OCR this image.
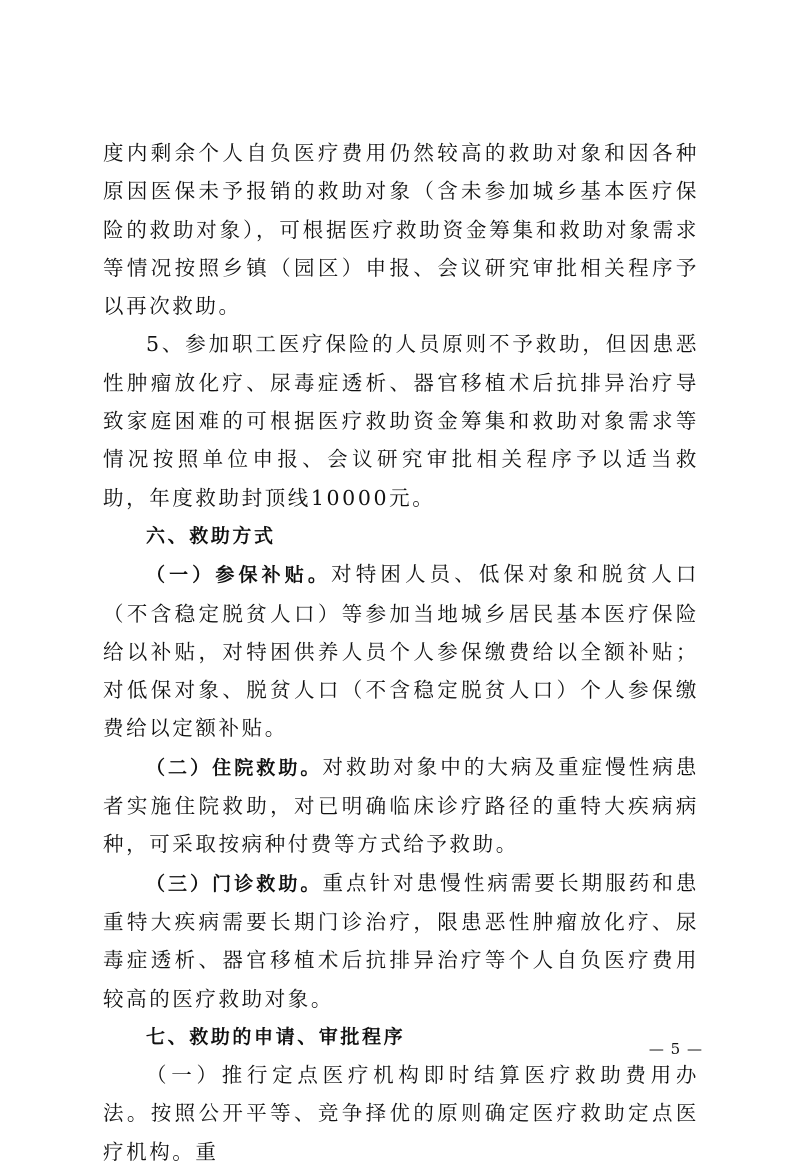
度内剩余个人自负医疗费用仍然较高的救助对象和因各种原因医保未予报销的救助对象（含未参加城乡基本医疗保险的救助对象），可根据医疗救助资金筹集和救助对象需求等情况按照乡镇（园区）申报、会议研究审批相关程序予以再次救助。

5、参加职工医疗保险的人员原则不予救助，但因患恶性肿瘤放化疗、尿毒症透析、器官移植术后抗排异治疗导致家庭困难的可根据医疗救助资金筹集和救助对象需求等情况按照单位申报、会议研究审批相关程序予以适当救助，年度救助封顶线10000元。

六、救助方式

（一）参保补贴。对特困人员、低保对象和脱贫人口（不含稳定脱贫人口）等参加当地城乡居民基本医疗保险给以补贴，对特困供养人员个人参保缴费给以全额补贴；对低保对象、脱贫人口（不含稳定脱贫人口）个人参保缴费给以定额补贴。

（二）住院救助。对救助对象中的大病及重症慢性病患者实施住院救助，对已明确临床诊疗路径的重特大疾病病种，可采取按病种付费等方式给予救助。

（三）门诊救助。重点针对患慢性病需要长期服药和患重特大疾病需要长期门诊治疗，限患恶性肿瘤放化疗、尿毒症透析、器官移植术后抗排异治疗等个人自负医疗费用较高的医疗救助对象。

七、救助的申请、审批程序

（一）推行定点医疗机构即时结算医疗救助费用办法。按照公开平等、竞争择优的原则确定医疗救助定点医疗机构。重

— 5 —
